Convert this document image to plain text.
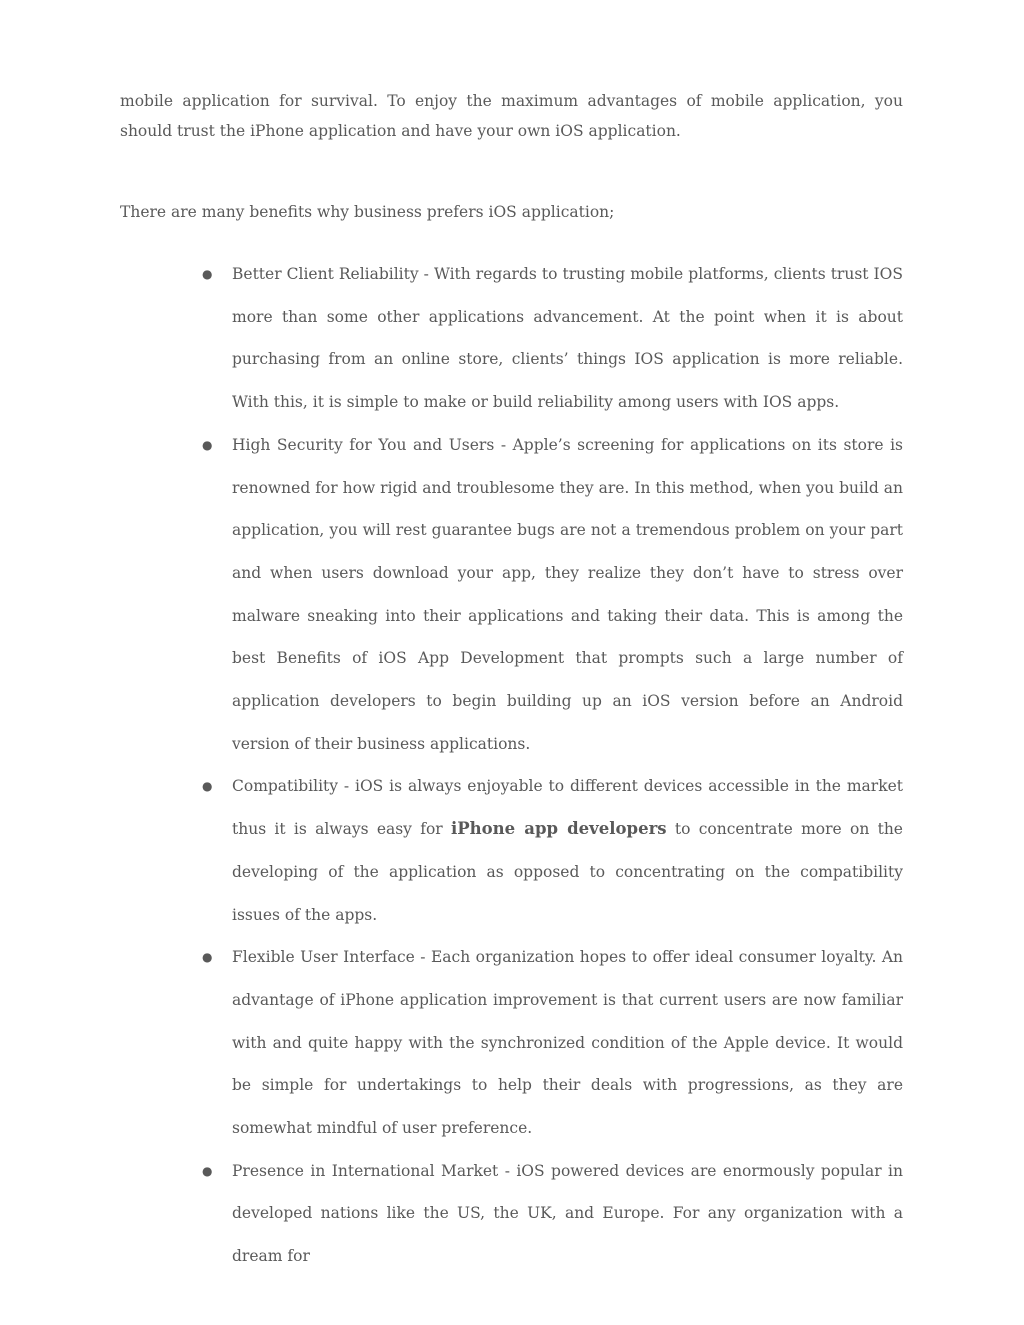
mobile application for survival. To enjoy the maximum advantages of mobile application, you should trust the iPhone application and have your own iOS application.

There are many benefits why business prefers iOS application;

● Better Client Reliability - With regards to trusting mobile platforms, clients trust IOS more than some other applications advancement. At the point when it is about purchasing from an online store, clients’ things IOS application is more reliable. With this, it is simple to make or build reliability among users with IOS apps.
● High Security for You and Users - Apple’s screening for applications on its store is renowned for how rigid and troublesome they are. In this method, when you build an application, you will rest guarantee bugs are not a tremendous problem on your part and when users download your app, they realize they don’t have to stress over malware sneaking into their applications and taking their data. This is among the best Benefits of iOS App Development that prompts such a large number of application developers to begin building up an iOS version before an Android version of their business applications.
● Compatibility - iOS is always enjoyable to different devices accessible in the market thus it is always easy for iPhone app developers to concentrate more on the developing of the application as opposed to concentrating on the compatibility issues of the apps.
● Flexible User Interface - Each organization hopes to offer ideal consumer loyalty. An advantage of iPhone application improvement is that current users are now familiar with and quite happy with the synchronized condition of the Apple device. It would be simple for undertakings to help their deals with progressions, as they are somewhat mindful of user preference.
● Presence in International Market - iOS powered devices are enormously popular in developed nations like the US, the UK, and Europe. For any organization with a dream for
